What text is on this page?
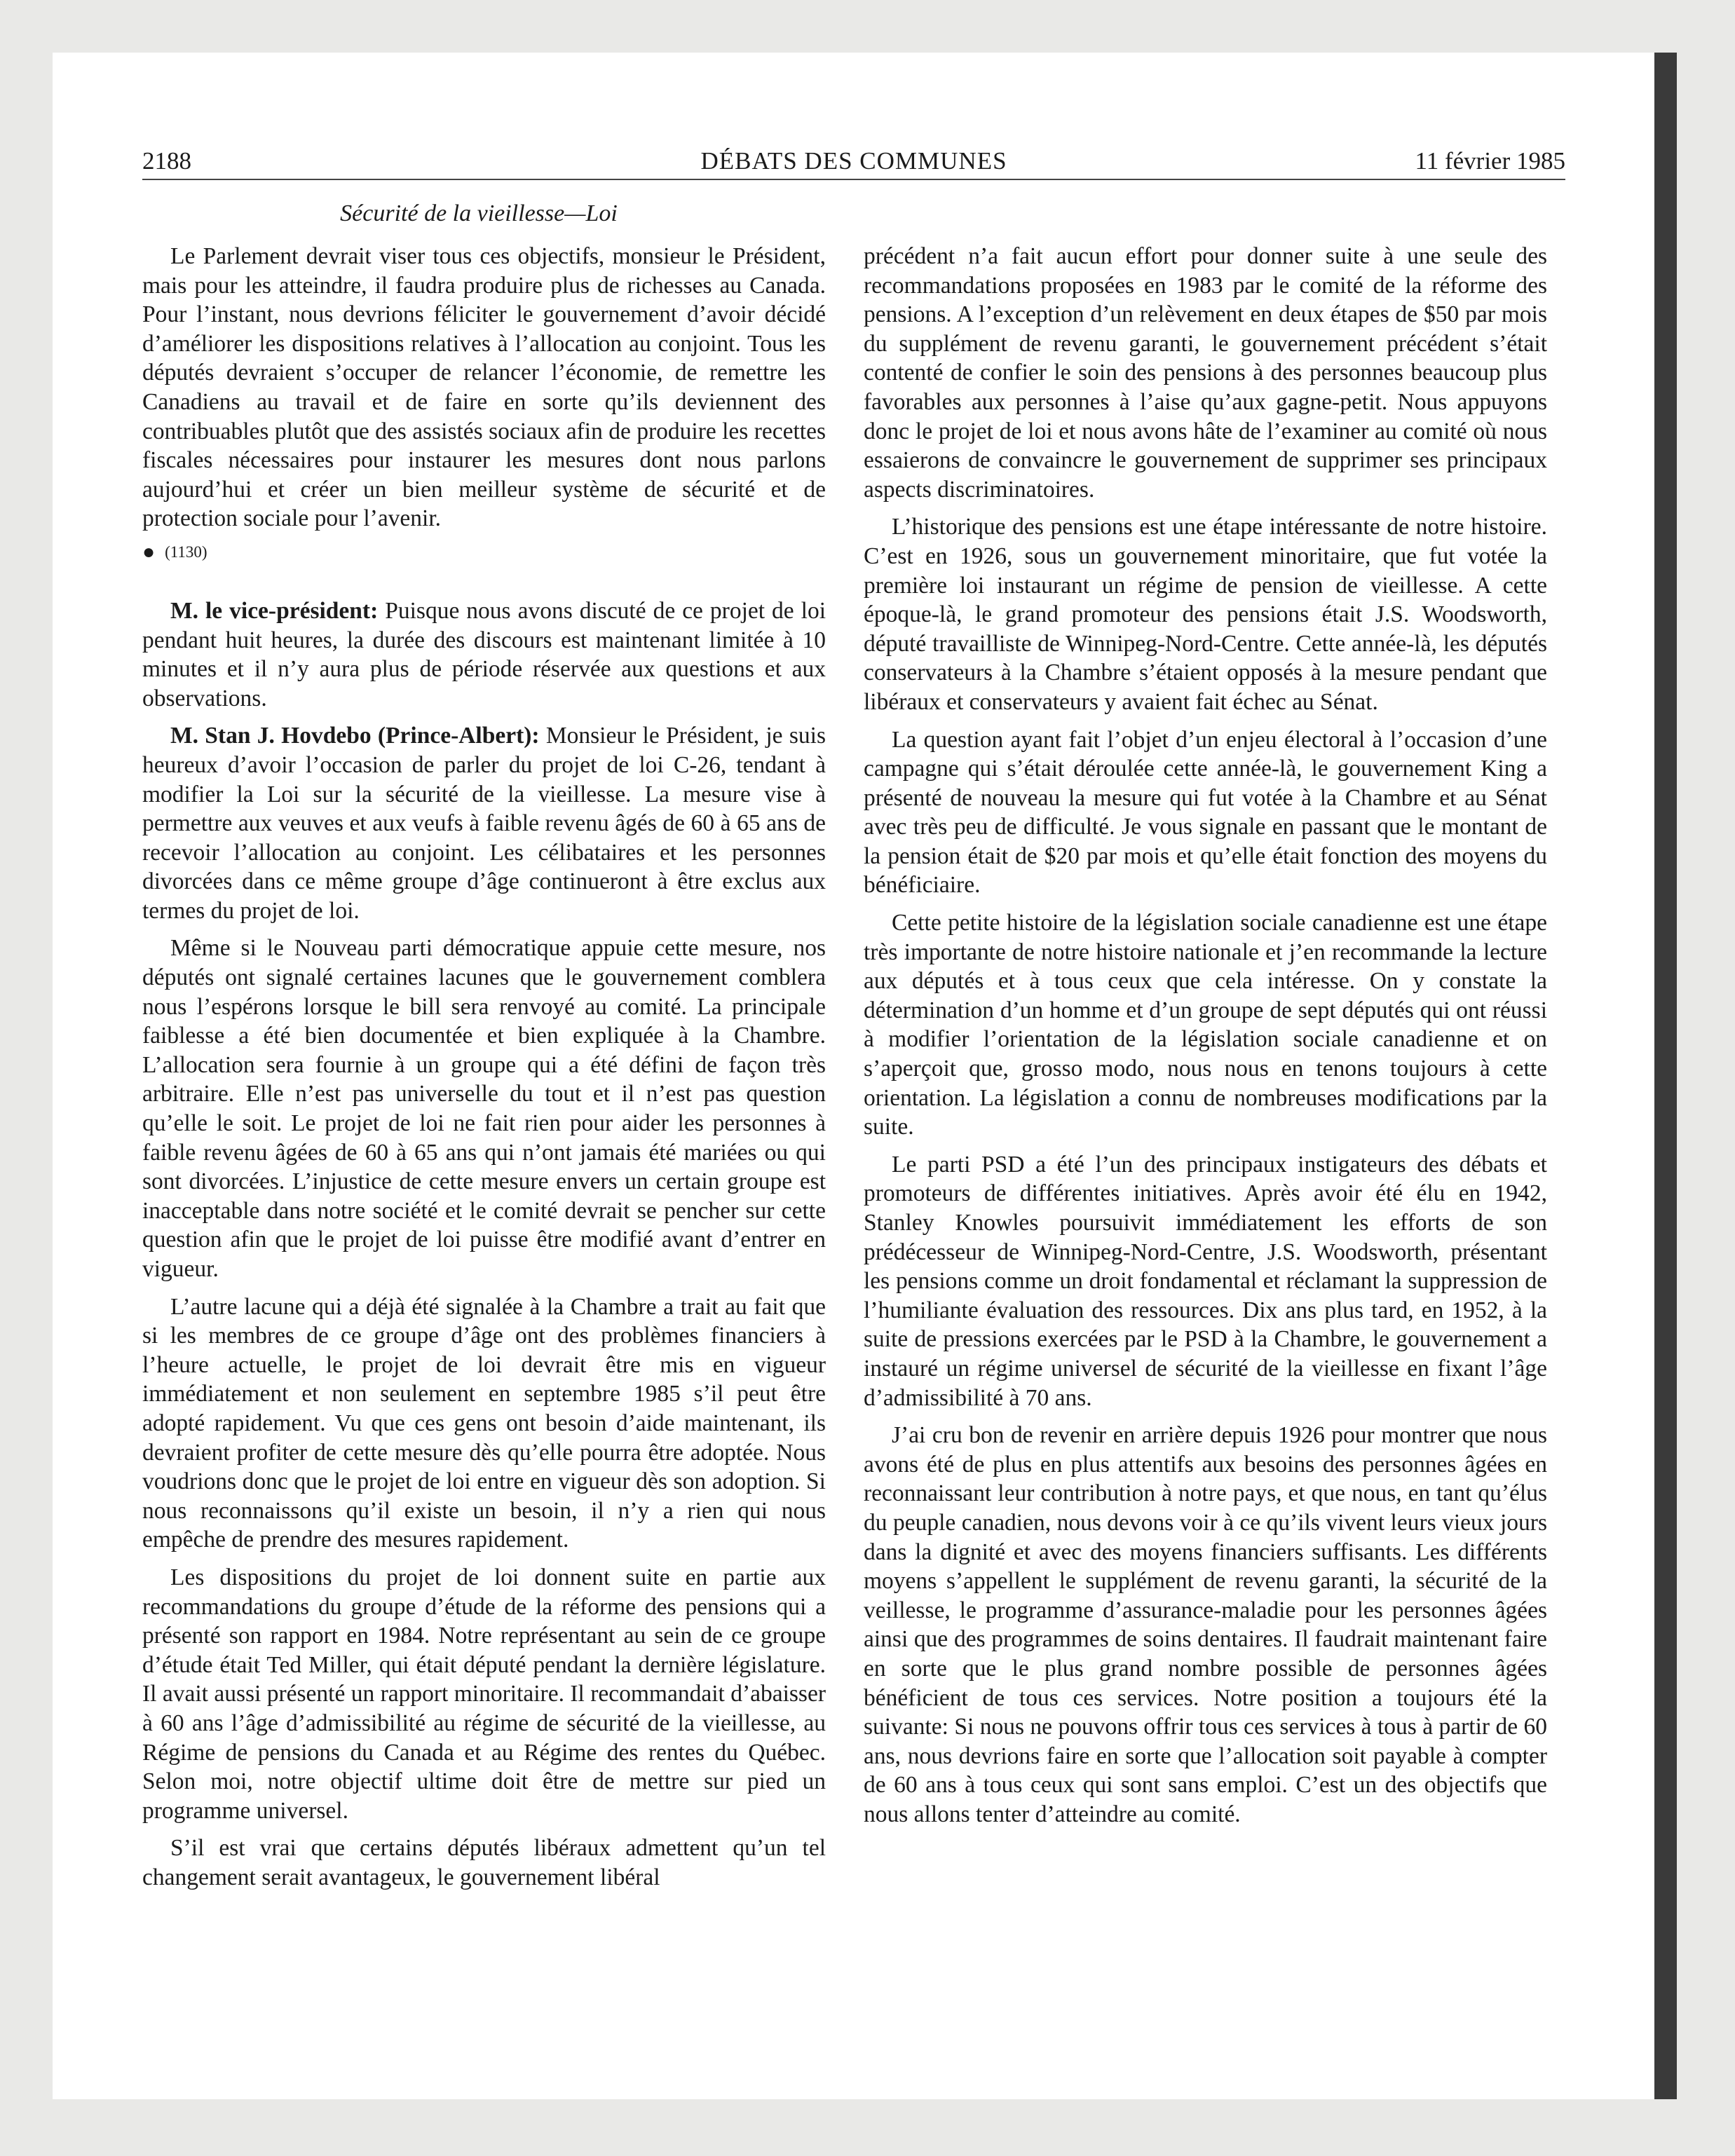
2188	DÉBATS DES COMMUNES	11 février 1985
Sécurité de la vieillesse—Loi

Le Parlement devrait viser tous ces objectifs, monsieur le Président, mais pour les atteindre, il faudra produire plus de richesses au Canada. Pour l’instant, nous devrions féliciter le gouvernement d’avoir décidé d’améliorer les dispositions relatives à l’allocation au conjoint. Tous les députés devraient s’occuper de relancer l’économie, de remettre les Canadiens au travail et de faire en sorte qu’ils deviennent des contribuables plutôt que des assistés sociaux afin de produire les recettes fiscales nécessaires pour instaurer les mesures dont nous parlons aujourd’hui et créer un bien meilleur système de sécurité et de protection sociale pour l’avenir.

● (1130)

M. le vice-président: Puisque nous avons discuté de ce projet de loi pendant huit heures, la durée des discours est maintenant limitée à 10 minutes et il n’y aura plus de période réservée aux questions et aux observations.

M. Stan J. Hovdebo (Prince-Albert): Monsieur le Président, je suis heureux d’avoir l’occasion de parler du projet de loi C-26, tendant à modifier la Loi sur la sécurité de la vieillesse. La mesure vise à permettre aux veuves et aux veufs à faible revenu âgés de 60 à 65 ans de recevoir l’allocation au conjoint. Les célibataires et les personnes divorcées dans ce même groupe d’âge continueront à être exclus aux termes du projet de loi.

Même si le Nouveau parti démocratique appuie cette mesure, nos députés ont signalé certaines lacunes que le gouvernement comblera nous l’espérons lorsque le bill sera renvoyé au comité. La principale faiblesse a été bien documentée et bien expliquée à la Chambre. L’allocation sera fournie à un groupe qui a été défini de façon très arbitraire. Elle n’est pas universelle du tout et il n’est pas question qu’elle le soit. Le projet de loi ne fait rien pour aider les personnes à faible revenu âgées de 60 à 65 ans qui n’ont jamais été mariées ou qui sont divorcées. L’injustice de cette mesure envers un certain groupe est inacceptable dans notre société et le comité devrait se pencher sur cette question afin que le projet de loi puisse être modifié avant d’entrer en vigueur.

L’autre lacune qui a déjà été signalée à la Chambre a trait au fait que si les membres de ce groupe d’âge ont des problèmes financiers à l’heure actuelle, le projet de loi devrait être mis en vigueur immédiatement et non seulement en septembre 1985 s’il peut être adopté rapidement. Vu que ces gens ont besoin d’aide maintenant, ils devraient profiter de cette mesure dès qu’elle pourra être adoptée. Nous voudrions donc que le projet de loi entre en vigueur dès son adoption. Si nous reconnaissons qu’il existe un besoin, il n’y a rien qui nous empêche de prendre des mesures rapidement.

Les dispositions du projet de loi donnent suite en partie aux recommandations du groupe d’étude de la réforme des pensions qui a présenté son rapport en 1984. Notre représentant au sein de ce groupe d’étude était Ted Miller, qui était député pendant la dernière législature. Il avait aussi présenté un rapport minoritaire. Il recommandait d’abaisser à 60 ans l’âge d’admissibilité au régime de sécurité de la vieillesse, au Régime de pensions du Canada et au Régime des rentes du Québec. Selon moi, notre objectif ultime doit être de mettre sur pied un programme universel.

S’il est vrai que certains députés libéraux admettent qu’un tel changement serait avantageux, le gouvernement libéral

précédent n’a fait aucun effort pour donner suite à une seule des recommandations proposées en 1983 par le comité de la réforme des pensions. A l’exception d’un relèvement en deux étapes de $50 par mois du supplément de revenu garanti, le gouvernement précédent s’était contenté de confier le soin des pensions à des personnes beaucoup plus favorables aux personnes à l’aise qu’aux gagne-petit. Nous appuyons donc le projet de loi et nous avons hâte de l’examiner au comité où nous essaierons de convaincre le gouvernement de supprimer ses principaux aspects discriminatoires.

L’historique des pensions est une étape intéressante de notre histoire. C’est en 1926, sous un gouvernement minoritaire, que fut votée la première loi instaurant un régime de pension de vieillesse. A cette époque-là, le grand promoteur des pensions était J.S. Woodsworth, député travailliste de Winnipeg-Nord-Centre. Cette année-là, les députés conservateurs à la Chambre s’étaient opposés à la mesure pendant que libéraux et conservateurs y avaient fait échec au Sénat.

La question ayant fait l’objet d’un enjeu électoral à l’occasion d’une campagne qui s’était déroulée cette année-là, le gouvernement King a présenté de nouveau la mesure qui fut votée à la Chambre et au Sénat avec très peu de difficulté. Je vous signale en passant que le montant de la pension était de $20 par mois et qu’elle était fonction des moyens du bénéficiaire.

Cette petite histoire de la législation sociale canadienne est une étape très importante de notre histoire nationale et j’en recommande la lecture aux députés et à tous ceux que cela intéresse. On y constate la détermination d’un homme et d’un groupe de sept députés qui ont réussi à modifier l’orientation de la législation sociale canadienne et on s’aperçoit que, grosso modo, nous nous en tenons toujours à cette orientation. La législation a connu de nombreuses modifications par la suite.

Le parti PSD a été l’un des principaux instigateurs des débats et promoteurs de différentes initiatives. Après avoir été élu en 1942, Stanley Knowles poursuivit immédiatement les efforts de son prédécesseur de Winnipeg-Nord-Centre, J.S. Woodsworth, présentant les pensions comme un droit fondamental et réclamant la suppression de l’humiliante évaluation des ressources. Dix ans plus tard, en 1952, à la suite de pressions exercées par le PSD à la Chambre, le gouvernement a instauré un régime universel de sécurité de la vieillesse en fixant l’âge d’admissibilité à 70 ans.

J’ai cru bon de revenir en arrière depuis 1926 pour montrer que nous avons été de plus en plus attentifs aux besoins des personnes âgées en reconnaissant leur contribution à notre pays, et que nous, en tant qu’élus du peuple canadien, nous devons voir à ce qu’ils vivent leurs vieux jours dans la dignité et avec des moyens financiers suffisants. Les différents moyens s’appellent le supplément de revenu garanti, la sécurité de la veillesse, le programme d’assurance-maladie pour les personnes âgées ainsi que des programmes de soins dentaires. Il faudrait maintenant faire en sorte que le plus grand nombre possible de personnes âgées bénéficient de tous ces services. Notre position a toujours été la suivante: Si nous ne pouvons offrir tous ces services à tous à partir de 60 ans, nous devrions faire en sorte que l’allocation soit payable à compter de 60 ans à tous ceux qui sont sans emploi. C’est un des objectifs que nous allons tenter d’atteindre au comité.
